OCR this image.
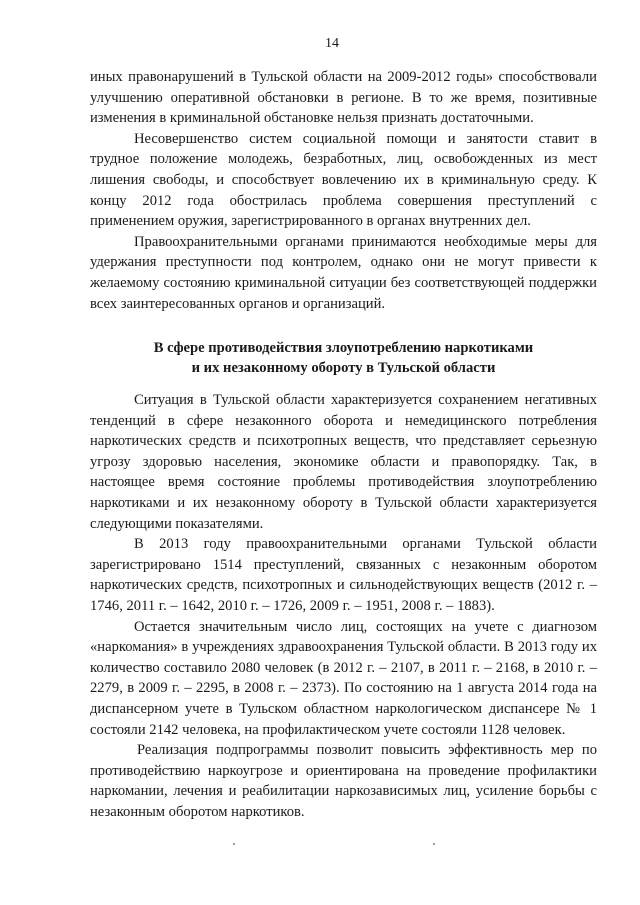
14

иных правонарушений в Тульской области на 2009-2012 годы» способствовали улучшению оперативной обстановки в регионе. В то же время, позитивные изменения в криминальной обстановке нельзя признать достаточными.

Несовершенство систем социальной помощи и занятости ставит в трудное положение молодежь, безработных, лиц, освобожденных из мест лишения свободы, и способствует вовлечению их в криминальную среду. К концу 2012 года обострилась проблема совершения преступлений с применением оружия, зарегистрированного в органах внутренних дел.

Правоохранительными органами принимаются необходимые меры для удержания преступности под контролем, однако они не могут привести к желаемому состоянию криминальной ситуации без соответствующей поддержки всех заинтересованных органов и организаций.

В сфере противодействия злоупотреблению наркотиками
и их незаконному обороту в Тульской области

Ситуация в Тульской области характеризуется сохранением негативных тенденций в сфере незаконного оборота и немедицинского потребления наркотических средств и психотропных веществ, что представляет серьезную угрозу здоровью населения, экономике области и правопорядку. Так, в настоящее время состояние проблемы противодействия злоупотреблению наркотиками и их незаконному обороту в Тульской области характеризуется следующими показателями.

В 2013 году правоохранительными органами Тульской области зарегистрировано 1514 преступлений, связанных с незаконным оборотом наркотических средств, психотропных и сильнодействующих веществ (2012 г. – 1746, 2011 г. – 1642, 2010 г. – 1726, 2009 г. – 1951, 2008 г. – 1883).

Остается значительным число лиц, состоящих на учете с диагнозом «наркомания» в учреждениях здравоохранения Тульской области. В 2013 году их количество составило 2080 человек (в 2012 г. – 2107, в 2011 г. – 2168, в 2010 г. – 2279, в 2009 г. – 2295, в 2008 г. – 2373). По состоянию на 1 августа 2014 года на диспансерном учете в Тульском областном наркологическом диспансере № 1 состояли 2142 человека, на профилактическом учете состояли 1128 человек.

Реализация подпрограммы позволит повысить эффективность мер по противодействию наркоугрозе и ориентирована на проведение профилактики наркомании, лечения и реабилитации наркозависимых лиц, усиление борьбы с незаконным оборотом наркотиков.
